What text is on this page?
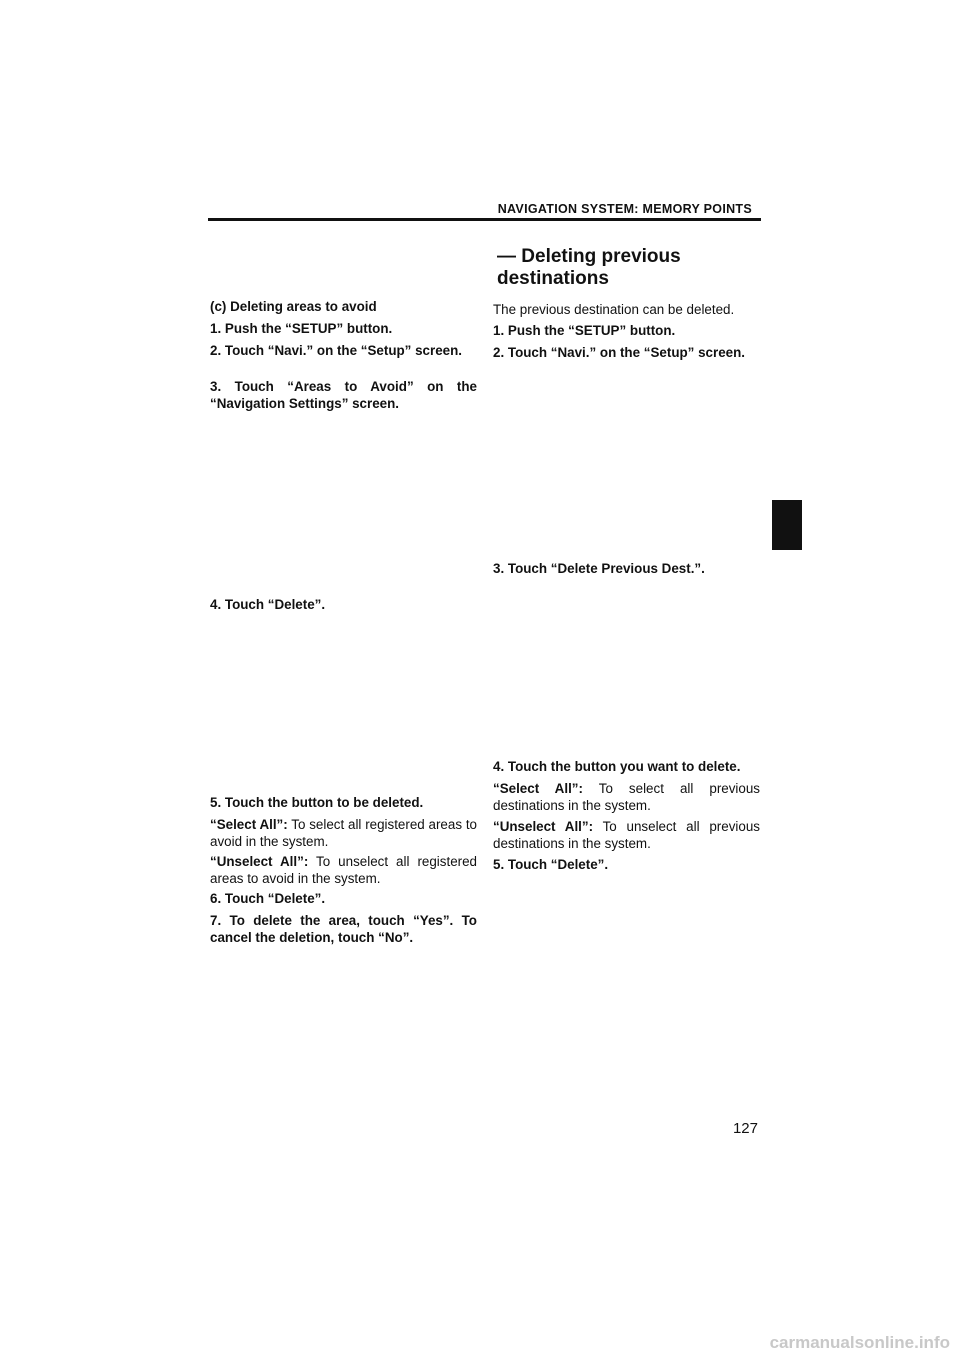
NAVIGATION SYSTEM: MEMORY POINTS

(c) Deleting areas to avoid

1. Push the “SETUP” button.

2. Touch “Navi.” on the “Setup” screen.

3. Touch “Areas to Avoid” on the “Navigation Settings” screen.

4. Touch “Delete”.

5. Touch the button to be deleted.

“Select All”: To select all registered areas to avoid in the system.

“Unselect All”: To unselect all registered areas to avoid in the system.

6. Touch “Delete”.

7. To delete the area, touch “Yes”. To cancel the deletion, touch “No”.

— Deleting previous destinations

The previous destination can be deleted.

1. Push the “SETUP” button.

2. Touch “Navi.” on the “Setup” screen.

3. Touch “Delete Previous Dest.”.

4. Touch the button you want to delete.

“Select All”: To select all previous destinations in the system.

“Unselect All”: To unselect all previous destinations in the system.

5. Touch “Delete”.

127
carmanualsonline.info
